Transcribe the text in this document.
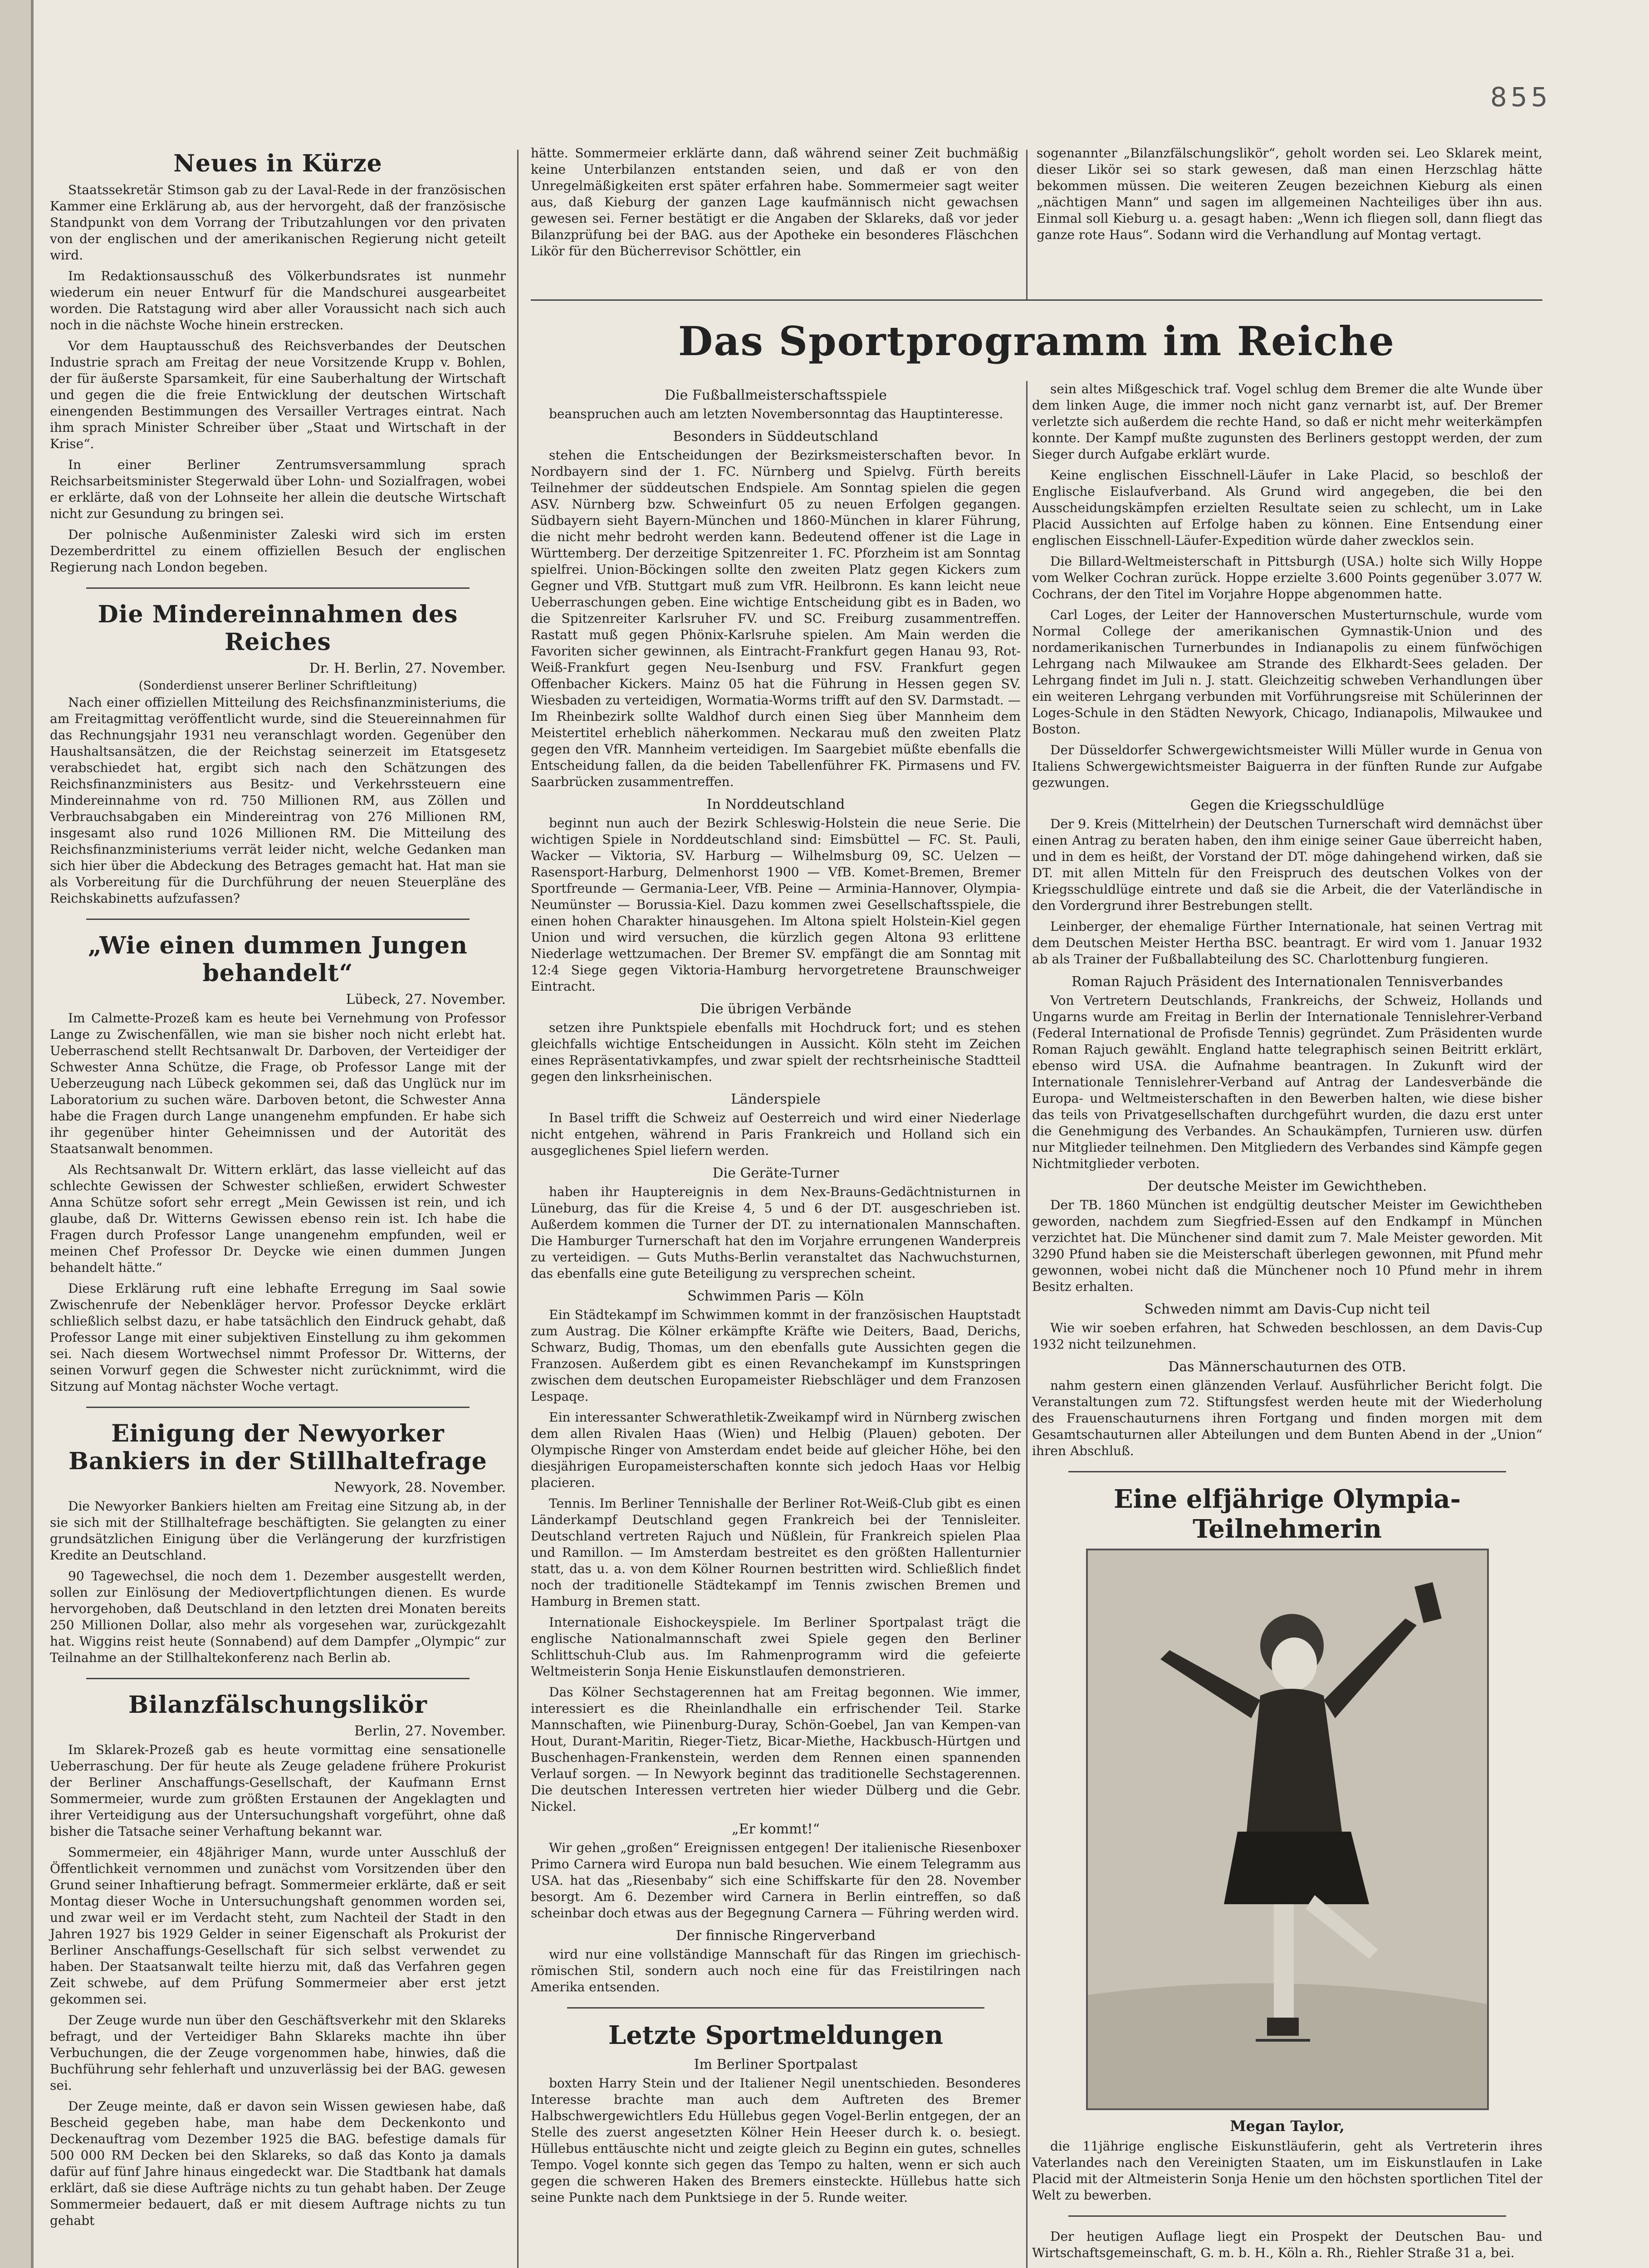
855
Neues in Kürze

Staatssekretär Stimson gab zu der Laval-Rede in der französischen Kammer eine Erklärung ab, aus der hervorgeht, daß der französische Standpunkt von dem Vorrang der Tributzahlungen vor den privaten von der englischen und der amerikanischen Regierung nicht geteilt wird.

Im Redaktionsausschuß des Völkerbundsrates ist nunmehr wiederum ein neuer Entwurf für die Mandschurei ausgearbeitet worden. Die Ratstagung wird aber aller Voraussicht nach sich auch noch in die nächste Woche hinein erstrecken.

Vor dem Hauptausschuß des Reichsverbandes der Deutschen Industrie sprach am Freitag der neue Vorsitzende Krupp v. Bohlen, der für äußerste Sparsamkeit, für eine Sauberhaltung der Wirtschaft und gegen die die freie Entwicklung der deutschen Wirtschaft einengenden Bestimmungen des Versailler Vertrages eintrat. Nach ihm sprach Minister Schreiber über „Staat und Wirtschaft in der Krise“.

In einer Berliner Zentrumsversammlung sprach Reichsarbeitsminister Stegerwald über Lohn- und Sozialfragen, wobei er erklärte, daß von der Lohnseite her allein die deutsche Wirtschaft nicht zur Gesundung zu bringen sei.

Der polnische Außenminister Zaleski wird sich im ersten Dezemberdrittel zu einem offiziellen Besuch der englischen Regierung nach London begeben.

Die Mindereinnahmen des Reiches
Dr. H. Berlin, 27. November.
(Sonderdienst unserer Berliner Schriftleitung)

Nach einer offiziellen Mitteilung des Reichsfinanzministeriums, die am Freitagmittag veröffentlicht wurde, sind die Steuereinnahmen für das Rechnungsjahr 1931 neu veranschlagt worden. Gegenüber den Haushaltsansätzen, die der Reichstag seinerzeit im Etatsgesetz verabschiedet hat, ergibt sich nach den Schätzungen des Reichsfinanzministers aus Besitz- und Verkehrssteuern eine Mindereinnahme von rd. 750 Millionen RM, aus Zöllen und Verbrauchsabgaben ein Mindereintrag von 276 Millionen RM, insgesamt also rund 1026 Millionen RM. Die Mitteilung des Reichsfinanzministeriums verrät leider nicht, welche Gedanken man sich hier über die Abdeckung des Betrages gemacht hat. Hat man sie als Vorbereitung für die Durchführung der neuen Steuerpläne des Reichskabinetts aufzufassen?

„Wie einen dummen Jungen behandelt“
Lübeck, 27. November.

Im Calmette-Prozeß kam es heute bei Vernehmung von Professor Lange zu Zwischenfällen, wie man sie bisher noch nicht erlebt hat. Ueberraschend stellt Rechtsanwalt Dr. Darboven, der Verteidiger der Schwester Anna Schütze, die Frage, ob Professor Lange mit der Ueberzeugung nach Lübeck gekommen sei, daß das Unglück nur im Laboratorium zu suchen wäre. Darboven betont, die Schwester Anna habe die Fragen durch Lange unangenehm empfunden. Er habe sich ihr gegenüber hinter Geheimnissen und der Autorität des Staatsanwalt benommen.

Als Rechtsanwalt Dr. Wittern erklärt, das lasse vielleicht auf das schlechte Gewissen der Schwester schließen, erwidert Schwester Anna Schütze sofort sehr erregt „Mein Gewissen ist rein, und ich glaube, daß Dr. Witterns Gewissen ebenso rein ist. Ich habe die Fragen durch Professor Lange unangenehm empfunden, weil er meinen Chef Professor Dr. Deycke wie einen dummen Jungen behandelt hätte.“

Diese Erklärung ruft eine lebhafte Erregung im Saal sowie Zwischenrufe der Nebenkläger hervor. Professor Deycke erklärt schließlich selbst dazu, er habe tatsächlich den Eindruck gehabt, daß Professor Lange mit einer subjektiven Einstellung zu ihm gekommen sei. Nach diesem Wortwechsel nimmt Professor Dr. Witterns, der seinen Vorwurf gegen die Schwester nicht zurücknimmt, wird die Sitzung auf Montag nächster Woche vertagt.

Einigung der Newyorker Bankiers in der Stillhaltefrage
Newyork, 28. November.

Die Newyorker Bankiers hielten am Freitag eine Sitzung ab, in der sie sich mit der Stillhaltefrage beschäftigten. Sie gelangten zu einer grundsätzlichen Einigung über die Verlängerung der kurzfristigen Kredite an Deutschland.

90 Tagewechsel, die noch dem 1. Dezember ausgestellt werden, sollen zur Einlösung der Mediovertpflichtungen dienen. Es wurde hervorgehoben, daß Deutschland in den letzten drei Monaten bereits 250 Millionen Dollar, also mehr als vorgesehen war, zurückgezahlt hat. Wiggins reist heute (Sonnabend) auf dem Dampfer „Olympic“ zur Teilnahme an der Stillhaltekonferenz nach Berlin ab.

Bilanzfälschungslikör
Berlin, 27. November.

Im Sklarek-Prozeß gab es heute vormittag eine sensationelle Ueberraschung. Der für heute als Zeuge geladene frühere Prokurist der Berliner Anschaffungs-Gesellschaft, der Kaufmann Ernst Sommermeier, wurde zum größten Erstaunen der Angeklagten und ihrer Verteidigung aus der Untersuchungshaft vorgeführt, ohne daß bisher die Tatsache seiner Verhaftung bekannt war.

Sommermeier, ein 48jähriger Mann, wurde unter Ausschluß der Öffentlichkeit vernommen und zunächst vom Vorsitzenden über den Grund seiner Inhaftierung befragt. Sommermeier erklärte, daß er seit Montag dieser Woche in Untersuchungshaft genommen worden sei, und zwar weil er im Verdacht steht, zum Nachteil der Stadt in den Jahren 1927 bis 1929 Gelder in seiner Eigenschaft als Prokurist der Berliner Anschaffungs-Gesellschaft für sich selbst verwendet zu haben. Der Staatsanwalt teilte hierzu mit, daß das Verfahren gegen Zeit schwebe, auf dem Prüfung Sommermeier aber erst jetzt gekommen sei.

Der Zeuge wurde nun über den Geschäftsverkehr mit den Sklareks befragt, und der Verteidiger Bahn Sklareks machte ihn über Verbuchungen, die der Zeuge vorgenommen habe, hinwies, daß die Buchführung sehr fehlerhaft und unzuverlässig bei der BAG. gewesen sei.

Der Zeuge meinte, daß er davon sein Wissen gewiesen habe, daß Bescheid gegeben habe, man habe dem Deckenkonto und Deckenauftrag vom Dezember 1925 die BAG. befestige damals für 500 000 RM Decken bei den Sklareks, so daß das Konto ja damals dafür auf fünf Jahre hinaus eingedeckt war. Die Stadtbank hat damals erklärt, daß sie diese Aufträge nichts zu tun gehabt haben. Der Zeuge Sommermeier bedauert, daß er mit diesem Auftrage nichts zu tun gehabt

hätte. Sommermeier erklärte dann, daß während seiner Zeit buchmäßig keine Unterbilanzen entstanden seien, und daß er von den Unregelmäßigkeiten erst später erfahren habe. Sommermeier sagt weiter aus, daß Kieburg der ganzen Lage kaufmännisch nicht gewachsen gewesen sei. Ferner bestätigt er die Angaben der Sklareks, daß vor jeder Bilanzprüfung bei der BAG. aus der Apotheke ein besonderes Fläschchen Likör für den Bücherrevisor Schöttler, ein
sogenannter „Bilanzfälschungslikör“, geholt worden sei. Leo Sklarek meint, dieser Likör sei so stark gewesen, daß man einen Herzschlag hätte bekommen müssen. Die weiteren Zeugen bezeichnen Kieburg als einen „nächtigen Mann“ und sagen im allgemeinen Nachteiliges über ihn aus. Einmal soll Kieburg u. a. gesagt haben: „Wenn ich fliegen soll, dann fliegt das ganze rote Haus“. Sodann wird die Verhandlung auf Montag vertagt.
Das Sportprogramm im Reiche
Die Fußballmeisterschaftsspiele

beanspruchen auch am letzten Novembersonntag das Hauptinteresse.

Besonders in Süddeutschland

stehen die Entscheidungen der Bezirksmeisterschaften bevor. In Nordbayern sind der 1. FC. Nürnberg und Spielvg. Fürth bereits Teilnehmer der süddeutschen Endspiele. Am Sonntag spielen die gegen ASV. Nürnberg bzw. Schweinfurt 05 zu neuen Erfolgen gegangen. Südbayern sieht Bayern-München und 1860-München in klarer Führung, die nicht mehr bedroht werden kann. Bedeutend offener ist die Lage in Württemberg. Der derzeitige Spitzenreiter 1. FC. Pforzheim ist am Sonntag spielfrei. Union-Böckingen sollte den zweiten Platz gegen Kickers zum Gegner und VfB. Stuttgart muß zum VfR. Heilbronn. Es kann leicht neue Ueberraschungen geben. Eine wichtige Entscheidung gibt es in Baden, wo die Spitzenreiter Karlsruher FV. und SC. Freiburg zusammentreffen. Rastatt muß gegen Phönix-Karlsruhe spielen. Am Main werden die Favoriten sicher gewinnen, als Eintracht-Frankfurt gegen Hanau 93, Rot-Weiß-Frankfurt gegen Neu-Isenburg und FSV. Frankfurt gegen Offenbacher Kickers. Mainz 05 hat die Führung in Hessen gegen SV. Wiesbaden zu verteidigen, Wormatia-Worms trifft auf den SV. Darmstadt. — Im Rheinbezirk sollte Waldhof durch einen Sieg über Mannheim dem Meistertitel erheblich näherkommen. Neckarau muß den zweiten Platz gegen den VfR. Mannheim verteidigen. Im Saargebiet müßte ebenfalls die Entscheidung fallen, da die beiden Tabellenführer FK. Pirmasens und FV. Saarbrücken zusammentreffen.

In Norddeutschland

beginnt nun auch der Bezirk Schleswig-Holstein die neue Serie. Die wichtigen Spiele in Norddeutschland sind: Eimsbüttel — FC. St. Pauli, Wacker — Viktoria, SV. Harburg — Wilhelmsburg 09, SC. Uelzen — Rasensport-Harburg, Delmenhorst 1900 — VfB. Komet-Bremen, Bremer Sportfreunde — Germania-Leer, VfB. Peine — Arminia-Hannover, Olympia-Neumünster — Borussia-Kiel. Dazu kommen zwei Gesellschaftsspiele, die einen hohen Charakter hinausgehen. Im Altona spielt Holstein-Kiel gegen Union und wird versuchen, die kürzlich gegen Altona 93 erlittene Niederlage wettzumachen. Der Bremer SV. empfängt die am Sonntag mit 12:4 Siege gegen Viktoria-Hamburg hervorgetretene Braunschweiger Eintracht.

Die übrigen Verbände

setzen ihre Punktspiele ebenfalls mit Hochdruck fort; und es stehen gleichfalls wichtige Entscheidungen in Aussicht. Köln steht im Zeichen eines Repräsentativkampfes, und zwar spielt der rechtsrheinische Stadtteil gegen den linksrheinischen.

Länderspiele

In Basel trifft die Schweiz auf Oesterreich und wird einer Niederlage nicht entgehen, während in Paris Frankreich und Holland sich ein ausgeglichenes Spiel liefern werden.

Die Geräte-Turner

haben ihr Hauptereignis in dem Nex-Brauns-Gedächtnisturnen in Lüneburg, das für die Kreise 4, 5 und 6 der DT. ausgeschrieben ist. Außerdem kommen die Turner der DT. zu internationalen Mannschaften. Die Hamburger Turnerschaft hat den im Vorjahre errungenen Wanderpreis zu verteidigen. — Guts Muths-Berlin veranstaltet das Nachwuchsturnen, das ebenfalls eine gute Beteiligung zu versprechen scheint.

Schwimmen Paris — Köln

Ein Städtekampf im Schwimmen kommt in der französischen Hauptstadt zum Austrag. Die Kölner erkämpfte Kräfte wie Deiters, Baad, Derichs, Schwarz, Budig, Thomas, um den ebenfalls gute Aussichten gegen die Franzosen. Außerdem gibt es einen Revanchekampf im Kunstspringen zwischen dem deutschen Europameister Riebschläger und dem Franzosen Lespaqe.

Ein interessanter Schwerathletik-Zweikampf wird in Nürnberg zwischen dem allen Rivalen Haas (Wien) und Helbig (Plauen) geboten. Der Olympische Ringer von Amsterdam endet beide auf gleicher Höhe, bei den diesjährigen Europameisterschaften konnte sich jedoch Haas vor Helbig placieren.

Tennis. Im Berliner Tennishalle der Berliner Rot-Weiß-Club gibt es einen Länderkampf Deutschland gegen Frankreich bei der Tennisleiter. Deutschland vertreten Rajuch und Nüßlein, für Frankreich spielen Plaa und Ramillon. — Im Amsterdam bestreitet es den größten Hallenturnier statt, das u. a. von dem Kölner Rournen bestritten wird. Schließlich findet noch der traditionelle Städtekampf im Tennis zwischen Bremen und Hamburg in Bremen statt.

Internationale Eishockeyspiele. Im Berliner Sportpalast trägt die englische Nationalmannschaft zwei Spiele gegen den Berliner Schlittschuh-Club aus. Im Rahmenprogramm wird die gefeierte Weltmeisterin Sonja Henie Eiskunstlaufen demonstrieren.

Das Kölner Sechstagerennen hat am Freitag begonnen. Wie immer, interessiert es die Rheinlandhalle ein erfrischender Teil. Starke Mannschaften, wie Piinenburg-Duray, Schön-Goebel, Jan van Kempen-van Hout, Durant-Maritin, Rieger-Tietz, Bicar-Miethe, Hackbusch-Hürtgen und Buschenhagen-Frankenstein, werden dem Rennen einen spannenden Verlauf sorgen. — In Newyork beginnt das traditionelle Sechstagerennen. Die deutschen Interessen vertreten hier wieder Dülberg und die Gebr. Nickel.

„Er kommt!“

Wir gehen „großen“ Ereignissen entgegen! Der italienische Riesenboxer Primo Carnera wird Europa nun bald besuchen. Wie einem Telegramm aus USA. hat das „Riesenbaby“ sich eine Schiffskarte für den 28. November besorgt. Am 6. Dezember wird Carnera in Berlin eintreffen, so daß scheinbar doch etwas aus der Begegnung Carnera — Führing werden wird.

Der finnische Ringerverband

wird nur eine vollständige Mannschaft für das Ringen im griechisch-römischen Stil, sondern auch noch eine für das Freistilringen nach Amerika entsenden.

Letzte Sportmeldungen
Im Berliner Sportpalast

boxten Harry Stein und der Italiener Negil unentschieden. Besonderes Interesse brachte man auch dem Auftreten des Bremer Halbschwergewichtlers Edu Hüllebus gegen Vogel-Berlin entgegen, der an Stelle des zuerst angesetzten Kölner Hein Heeser durch k. o. besiegt. Hüllebus enttäuschte nicht und zeigte gleich zu Beginn ein gutes, schnelles Tempo. Vogel konnte sich gegen das Tempo zu halten, wenn er sich auch gegen die schweren Haken des Bremers einsteckte. Hüllebus hatte sich seine Punkte nach dem Punktsiege in der 5. Runde weiter.

sein altes Mißgeschick traf. Vogel schlug dem Bremer die alte Wunde über dem linken Auge, die immer noch nicht ganz vernarbt ist, auf. Der Bremer verletzte sich außerdem die rechte Hand, so daß er nicht mehr weiterkämpfen konnte. Der Kampf mußte zugunsten des Berliners gestoppt werden, der zum Sieger durch Aufgabe erklärt wurde.

Keine englischen Eisschnell-Läufer in Lake Placid, so beschloß der Englische Eislaufverband. Als Grund wird angegeben, die bei den Ausscheidungskämpfen erzielten Resultate seien zu schlecht, um in Lake Placid Aussichten auf Erfolge haben zu können. Eine Entsendung einer englischen Eisschnell-Läufer-Expedition würde daher zwecklos sein.

Die Billard-Weltmeisterschaft in Pittsburgh (USA.) holte sich Willy Hoppe vom Welker Cochran zurück. Hoppe erzielte 3.600 Points gegenüber 3.077 W. Cochrans, der den Titel im Vorjahre Hoppe abgenommen hatte.

Carl Loges, der Leiter der Hannoverschen Musterturnschule, wurde vom Normal College der amerikanischen Gymnastik-Union und des nordamerikanischen Turnerbundes in Indianapolis zu einem fünfwöchigen Lehrgang nach Milwaukee am Strande des Elkhardt-Sees geladen. Der Lehrgang findet im Juli n. J. statt. Gleichzeitig schweben Verhandlungen über ein weiteren Lehrgang verbunden mit Vorführungsreise mit Schülerinnen der Loges-Schule in den Städten Newyork, Chicago, Indianapolis, Milwaukee und Boston.

Der Düsseldorfer Schwergewichtsmeister Willi Müller wurde in Genua von Italiens Schwergewichtsmeister Baiguerra in der fünften Runde zur Aufgabe gezwungen.

Gegen die Kriegsschuldlüge

Der 9. Kreis (Mittelrhein) der Deutschen Turnerschaft wird demnächst über einen Antrag zu beraten haben, den ihm einige seiner Gaue überreicht haben, und in dem es heißt, der Vorstand der DT. möge dahingehend wirken, daß sie DT. mit allen Mitteln für den Freispruch des deutschen Volkes von der Kriegsschuldlüge eintrete und daß sie die Arbeit, die der Vaterländische in den Vordergrund ihrer Bestrebungen stellt.

Leinberger, der ehemalige Fürther Internationale, hat seinen Vertrag mit dem Deutschen Meister Hertha BSC. beantragt. Er wird vom 1. Januar 1932 ab als Trainer der Fußballabteilung des SC. Charlottenburg fungieren.

Roman Rajuch Präsident des Internationalen Tennisverbandes

Von Vertretern Deutschlands, Frankreichs, der Schweiz, Hollands und Ungarns wurde am Freitag in Berlin der Internationale Tennislehrer-Verband (Federal International de Profisde Tennis) gegründet. Zum Präsidenten wurde Roman Rajuch gewählt. England hatte telegraphisch seinen Beitritt erklärt, ebenso wird USA. die Aufnahme beantragen. In Zukunft wird der Internationale Tennislehrer-Verband auf Antrag der Landesverbände die Europa- und Weltmeisterschaften in den Bewerben halten, wie diese bisher das teils von Privatgesellschaften durchgeführt wurden, die dazu erst unter die Genehmigung des Verbandes. An Schaukämpfen, Turnieren usw. dürfen nur Mitglieder teilnehmen. Den Mitgliedern des Verbandes sind Kämpfe gegen Nichtmitglieder verboten.

Der deutsche Meister im Gewichtheben.

Der TB. 1860 München ist endgültig deutscher Meister im Gewichtheben geworden, nachdem zum Siegfried-Essen auf den Endkampf in München verzichtet hat. Die Münchener sind damit zum 7. Male Meister geworden. Mit 3290 Pfund haben sie die Meisterschaft überlegen gewonnen, mit Pfund mehr gewonnen, wobei nicht daß die Münchener noch 10 Pfund mehr in ihrem Besitz erhalten.

Schweden nimmt am Davis-Cup nicht teil

Wie wir soeben erfahren, hat Schweden beschlossen, an dem Davis-Cup 1932 nicht teilzunehmen.

Das Männerschauturnen des OTB.

nahm gestern einen glänzenden Verlauf. Ausführlicher Bericht folgt. Die Veranstaltungen zum 72. Stiftungsfest werden heute mit der Wiederholung des Frauenschauturnens ihren Fortgang und finden morgen mit dem Gesamtschauturnen aller Abteilungen und dem Bunten Abend in der „Union“ ihren Abschluß.

Eine elfjährige Olympia-Teilnehmerin
Megan Taylor,

die 11jährige englische Eiskunstläuferin, geht als Vertreterin ihres Vaterlandes nach den Vereinigten Staaten, um im Eiskunstlaufen in Lake Placid mit der Altmeisterin Sonja Henie um den höchsten sportlichen Titel der Welt zu bewerben.

Der heutigen Auflage liegt ein Prospekt der Deutschen Bau- und Wirtschaftsgemeinschaft, G. m. b. H., Köln a. Rh., Riehler Straße 31 a, bei.
